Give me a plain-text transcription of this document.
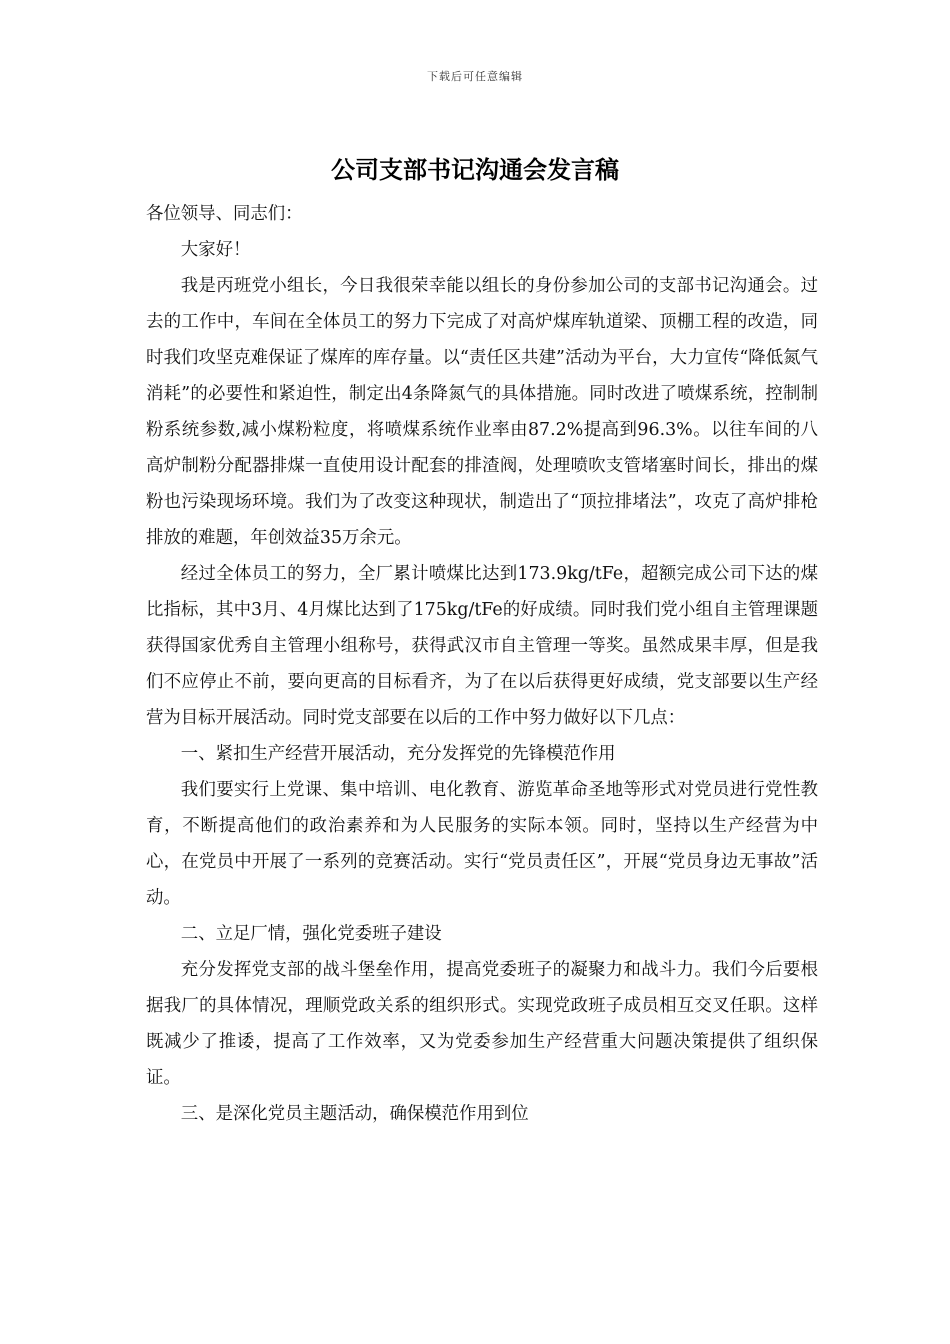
下载后可任意编辑
公司支部书记沟通会发言稿

各位领导、同志们：

大家好！

我是丙班党小组长，今日我很荣幸能以组长的身份参加公司的支部书记沟通会。过去的工作中，车间在全体员工的努力下完成了对高炉煤库轨道梁、顶棚工程的改造，同时我们攻坚克难保证了煤库的库存量。以“责任区共建”活动为平台，大力宣传“降低氮气消耗”的必要性和紧迫性，制定出4条降氮气的具体措施。同时改进了喷煤系统，控制制粉系统参数,减小煤粉粒度，将喷煤系统作业率由87.2%提高到96.3%。以往车间的八高炉制粉分配器排煤一直使用设计配套的排渣阀，处理喷吹支管堵塞时间长，排出的煤粉也污染现场环境。我们为了改变这种现状，制造出了“顶拉排堵法”，攻克了高炉排枪排放的难题，年创效益35万余元。

经过全体员工的努力，全厂累计喷煤比达到173.9kg/tFe，超额完成公司下达的煤比指标，其中3月、4月煤比达到了175kg/tFe的好成绩。同时我们党小组自主管理课题获得国家优秀自主管理小组称号，获得武汉市自主管理一等奖。虽然成果丰厚，但是我们不应停止不前，要向更高的目标看齐，为了在以后获得更好成绩，党支部要以生产经营为目标开展活动。同时党支部要在以后的工作中努力做好以下几点：

一、紧扣生产经营开展活动，充分发挥党的先锋模范作用

我们要实行上党课、集中培训、电化教育、游览革命圣地等形式对党员进行党性教育，不断提高他们的政治素养和为人民服务的实际本领。同时，坚持以生产经营为中心，在党员中开展了一系列的竞赛活动。实行“党员责任区”，开展“党员身边无事故”活动。

二、立足厂情，强化党委班子建设

充分发挥党支部的战斗堡垒作用，提高党委班子的凝聚力和战斗力。我们今后要根据我厂的具体情况，理顺党政关系的组织形式。实现党政班子成员相互交叉任职。这样既减少了推诿，提高了工作效率，又为党委参加生产经营重大问题决策提供了组织保证。

三、是深化党员主题活动，确保模范作用到位
